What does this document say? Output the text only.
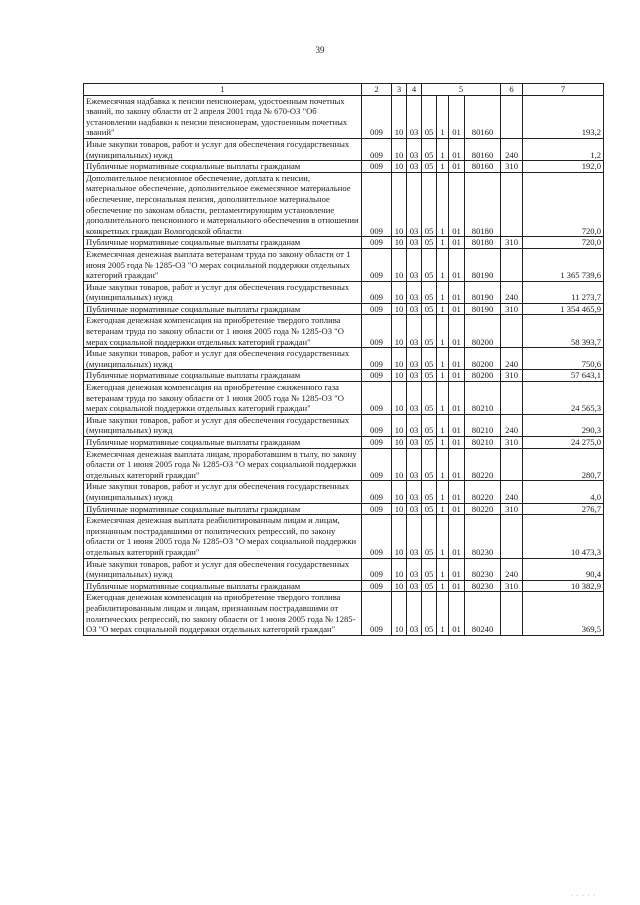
39
1	2	3	4	5				6	7
Ежемесячная надбавка к пенсии пенсионерам, удостоенным почетных званий, по закону области от 2 апреля 2001 года № 670-ОЗ "Об установлении надбавки к пенсии пенсионерам, удостоенным почетных званий"	009	10	03	05	1	01	80160		193,2
Иные закупки товаров, работ и услуг для обеспечения государственных (муниципальных) нужд	009	10	03	05	1	01	80160	240	1,2
Публичные нормативные социальные выплаты гражданам	009	10	03	05	1	01	80160	310	192,0
Дополнительное пенсионное обеспечение, доплата к пенсии, материальное обеспечение, дополнительное ежемесячное материальное обеспечение, персональная пенсия, дополнительное материальное обеспечение по законам области, регламентирующим установление дополнительного пенсионного и материального обеспечения в отношении конкретных граждан Вологодской области	009	10	03	05	1	01	80180		720,0
Публичные нормативные социальные выплаты гражданам	009	10	03	05	1	01	80180	310	720,0
Ежемесячная денежная выплата ветеранам труда по закону области от 1 июня 2005 года № 1285-ОЗ "О мерах социальной поддержки отдельных категорий граждан"	009	10	03	05	1	01	80190		1 365 739,6
Иные закупки товаров, работ и услуг для обеспечения государственных (муниципальных) нужд	009	10	03	05	1	01	80190	240	11 273,7
Публичные нормативные социальные выплаты гражданам	009	10	03	05	1	01	80190	310	1 354 465,9
Ежегодная денежная компенсация на приобретение твердого топлива ветеранам труда по закону области от 1 июня 2005 года № 1285-ОЗ "О мерах социальной поддержки отдельных категорий граждан"	009	10	03	05	1	01	80200		58 393,7
Иные закупки товаров, работ и услуг для обеспечения государственных (муниципальных) нужд	009	10	03	05	1	01	80200	240	750,6
Публичные нормативные социальные выплаты гражданам	009	10	03	05	1	01	80200	310	57 643,1
Ежегодная денежная компенсация на приобретение сжиженного газа ветеранам труда по закону области от 1 июня 2005 года № 1285-ОЗ "О мерах социальной поддержки отдельных категорий граждан"	009	10	03	05	1	01	80210		24 565,3
Иные закупки товаров, работ и услуг для обеспечения государственных (муниципальных) нужд	009	10	03	05	1	01	80210	240	290,3
Публичные нормативные социальные выплаты гражданам	009	10	03	05	1	01	80210	310	24 275,0
Ежемесячная денежная выплата лицам, проработавшим в тылу, по закону области от 1 июня 2005 года № 1285-ОЗ "О мерах социальной поддержки отдельных категорий граждан"	009	10	03	05	1	01	80220		280,7
Иные закупки товаров, работ и услуг для обеспечения государственных (муниципальных) нужд	009	10	03	05	1	01	80220	240	4,0
Публичные нормативные социальные выплаты гражданам	009	10	03	05	1	01	80220	310	276,7
Ежемесячная денежная выплата реабилитированным лицам и лицам, признанным пострадавшими от политических репрессий, по закону области от 1 июня 2005 года № 1285-ОЗ "О мерах социальной поддержки отдельных категорий граждан"	009	10	03	05	1	01	80230		10 473,3
Иные закупки товаров, работ и услуг для обеспечения государственных (муниципальных) нужд	009	10	03	05	1	01	80230	240	90,4
Публичные нормативные социальные выплаты гражданам	009	10	03	05	1	01	80230	310	10 382,9
Ежегодная денежная компенсация на приобретение твердого топлива реабилитированным лицам и лицам, признанным пострадавшими от политических репрессий, по закону области от 1 июня 2005 года № 1285-ОЗ "О мерах социальной поддержки отдельных категорий граждан"	009	10	03	05	1	01	80240		369,5
· · · · ·
